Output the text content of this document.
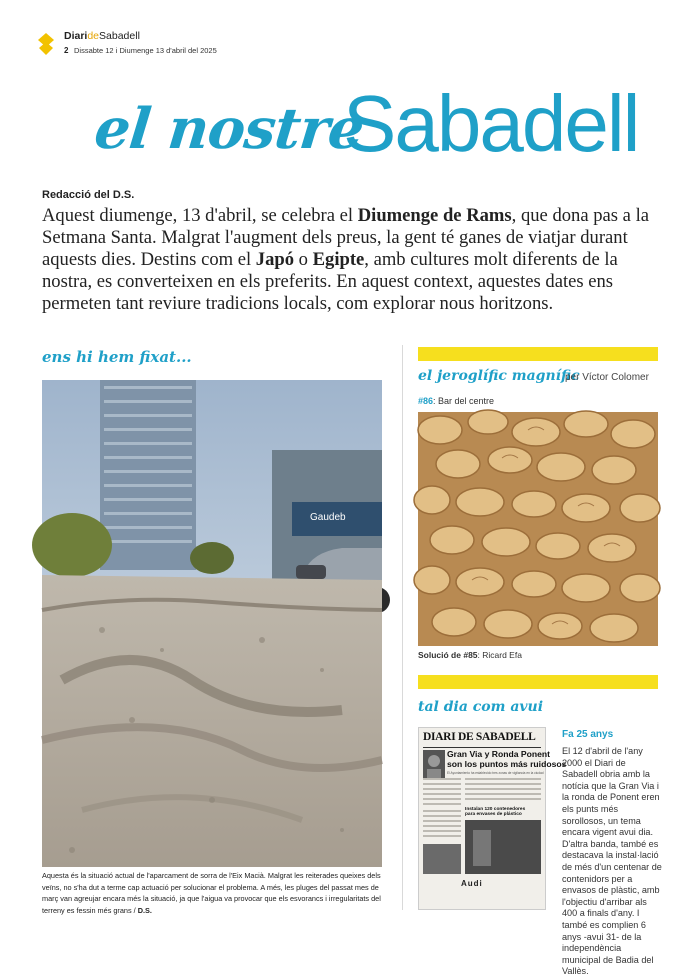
DiarideSabadell
2 Dissabte 12 i Diumenge 13 d'abril del 2025
el nostre
Sabadell
Redacció del D.S.
Aquest diumenge, 13 d'abril, se celebra el Diumenge de Rams, que dona pas a la Setmana Santa. Malgrat l'augment dels preus, la gent té ganes de viatjar durant aquests dies. Destins com el Japó o Egipte, amb cultures molt diferents de la nostra, es converteixen en els preferits. En aquest context, aquestes dates ens permeten tant reviure tradicions locals, com explorar nous horitzons.
ens hi hem fixat...
Gaudeb
Aquesta és la situació actual de l'aparcament de sorra de l'Eix Macià. Malgrat les reiterades queixes dels veïns, no s'ha dut a terme cap actuació per solucionar el problema. A més, les pluges del passat mes de març van agreujar encara més la situació, ja que l'aigua va provocar que els esvorancs i irregularitats del terreny es fessin més grans / D.S.
el jeroglífic magnífic
per Víctor Colomer
#86: Bar del centre
Solució de #85: Ricard Efa
tal dia com avui
DIARI DE SABADELL
Gran Via y Ronda Ponent
son los puntos más ruidosos
El Ayuntamiento ha establecido tres zonas de vigilancia en la ciudad
Instalan 120 contenedores
para envases de plástico
Audi
Fa 25 anys
El 12 d'abril de l'any 2000 el Diari de Sabadell obria amb la notícia que la Gran Via i la ronda de Ponent eren els punts més sorollosos, un tema encara vigent avui dia. D'altra banda, també es destacava la instal·lació de més d'un centenar de contenidors per a envasos de plàstic, amb l'objectiu d'arribar als 400 a finals d'any. I també es complien 6 anys -avui 31- de la independència municipal de Badia del Vallès.
